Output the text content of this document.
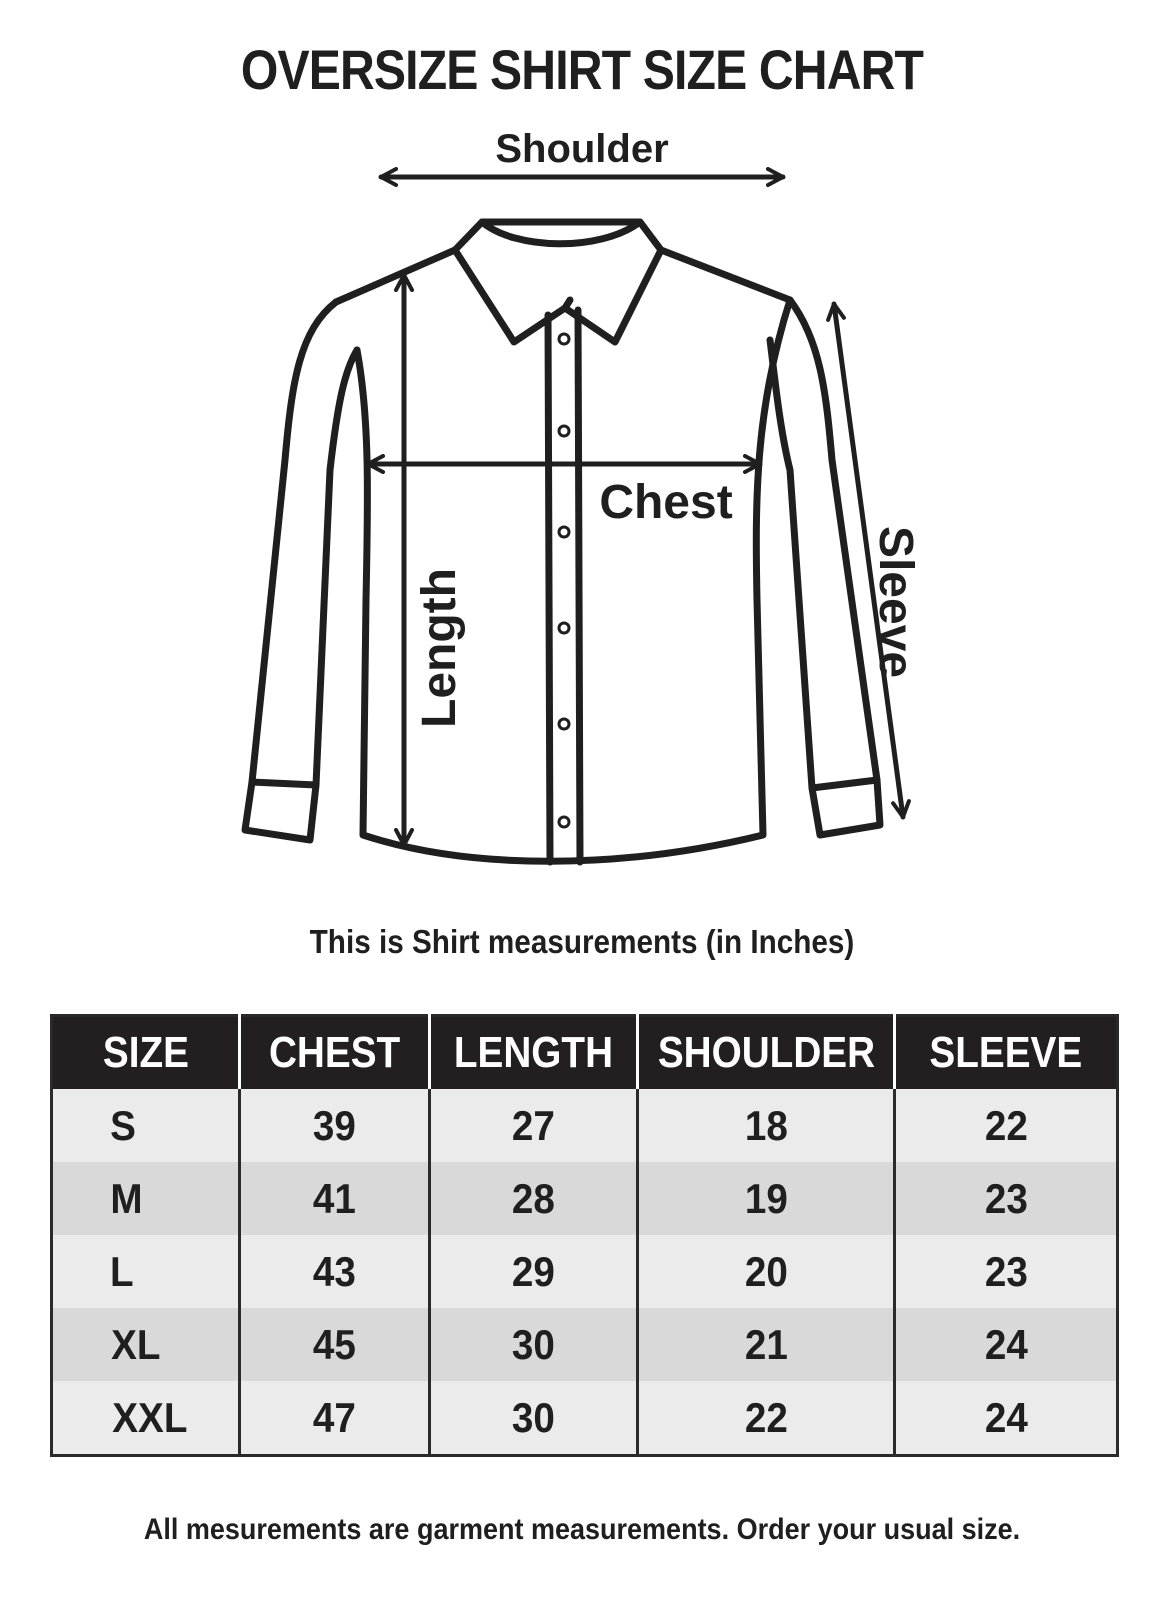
OVERSIZE SHIRT SIZE CHART
Shoulder
Chest
Length	Sleeve
This is Shirt measurements (in Inches)
SIZE	CHEST	LENGTH	SHOULDER	SLEEVE
S	39	27	18	22
M	41	28	19	23
L	43	29	20	23
XL	45	30	21	24
XXL	47	30	22	24
All mesurements are garment measurements. Order your usual size.
